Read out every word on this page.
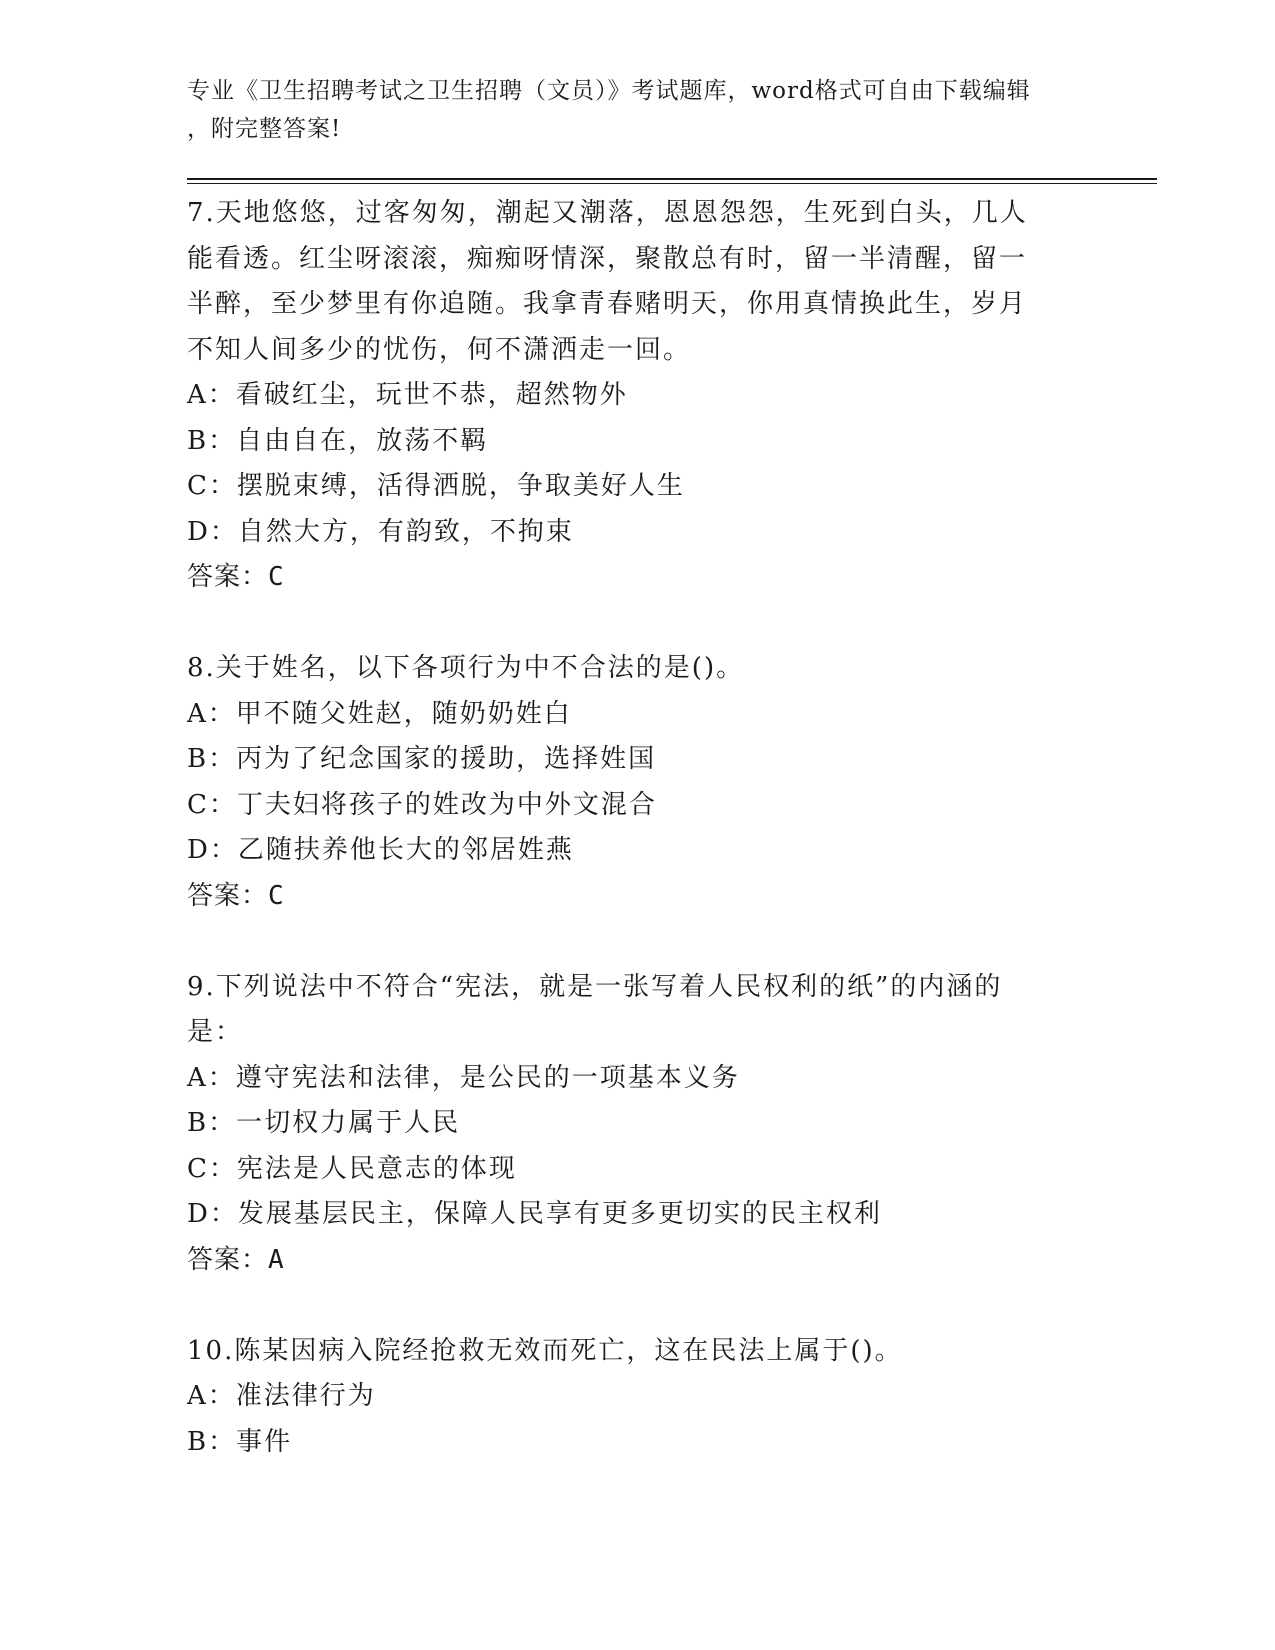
专业《卫生招聘考试之卫生招聘（文员）》考试题库，word格式可自由下载编辑

，附完整答案!

7.天地悠悠，过客匆匆，潮起又潮落，恩恩怨怨，生死到白头，几人

能看透。红尘呀滚滚，痴痴呀情深，聚散总有时，留一半清醒，留一

半醉，至少梦里有你追随。我拿青春赌明天，你用真情换此生，岁月

不知人间多少的忧伤，何不潇洒走一回。

A：看破红尘，玩世不恭，超然物外

B：自由自在，放荡不羁

C：摆脱束缚，活得洒脱，争取美好人生

D：自然大方，有韵致，不拘束

答案：C

8.关于姓名，以下各项行为中不合法的是()。

A：甲不随父姓赵，随奶奶姓白

B：丙为了纪念国家的援助，选择姓国

C：丁夫妇将孩子的姓改为中外文混合

D：乙随扶养他长大的邻居姓燕

答案：C

9.下列说法中不符合“宪法，就是一张写着人民权利的纸”的内涵的

是：

A：遵守宪法和法律，是公民的一项基本义务

B：一切权力属于人民

C：宪法是人民意志的体现

D：发展基层民主，保障人民享有更多更切实的民主权利

答案：A

10.陈某因病入院经抢救无效而死亡，这在民法上属于()。

A：准法律行为

B：事件
